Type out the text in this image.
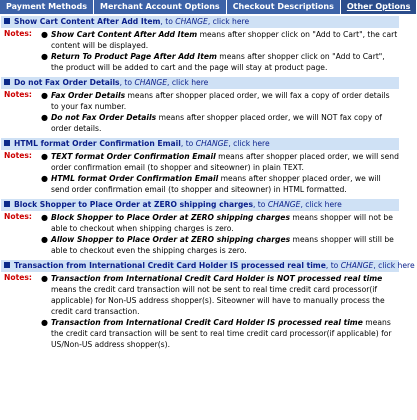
Payment Methods	Merchant Account Options	Checkout Descriptions	Other Options
Show Cart Content After Add Item, to CHANGE, click here
Notes: ● Show Cart Content After Add Item means after shopper click on "Add to Cart", the cart content will be displayed.
● Return To Product Page After Add Item means after shopper click on "Add to Cart", the product will be added to cart and the page will stay at product page.
Do not Fax Order Details, to CHANGE, click here
Notes: ● Fax Order Details means after shopper placed order, we will fax a copy of order details to your fax number.
● Do not Fax Order Details means after shopper placed order, we will NOT fax copy of order details.
HTML format Order Confirmation Email, to CHANGE, click here
Notes: ● TEXT format Order Confirmation Email means after shopper placed order, we will send order confirmation email (to shopper and siteowner) in plain TEXT.
● HTML format Order Confirmation Email means after shopper placed order, we will send order confirmation email (to shopper and siteowner) in HTML formatted.
Block Shopper to Place Order at ZERO shipping charges, to CHANGE, click here
Notes: ● Block Shopper to Place Order at ZERO shipping charges means shopper will not be able to checkout when shipping charges is zero.
● Allow Shopper to Place Order at ZERO shipping charges means shopper will still be able to checkout even the shipping charges is zero.
Transaction from International Credit Card Holder IS processed real time, to CHANGE, click here
Notes: ● Transaction from International Credit Card Holder is NOT processed real time means the credit card transaction will not be sent to real time credit card processor(if applicable) for Non-US address shopper(s). Siteowner will have to manually process the credit card transaction.
● Transaction from International Credit Card Holder IS processed real time means the credit card transaction will be sent to real time credit card processor(if applicable) for US/Non-US address shopper(s).
